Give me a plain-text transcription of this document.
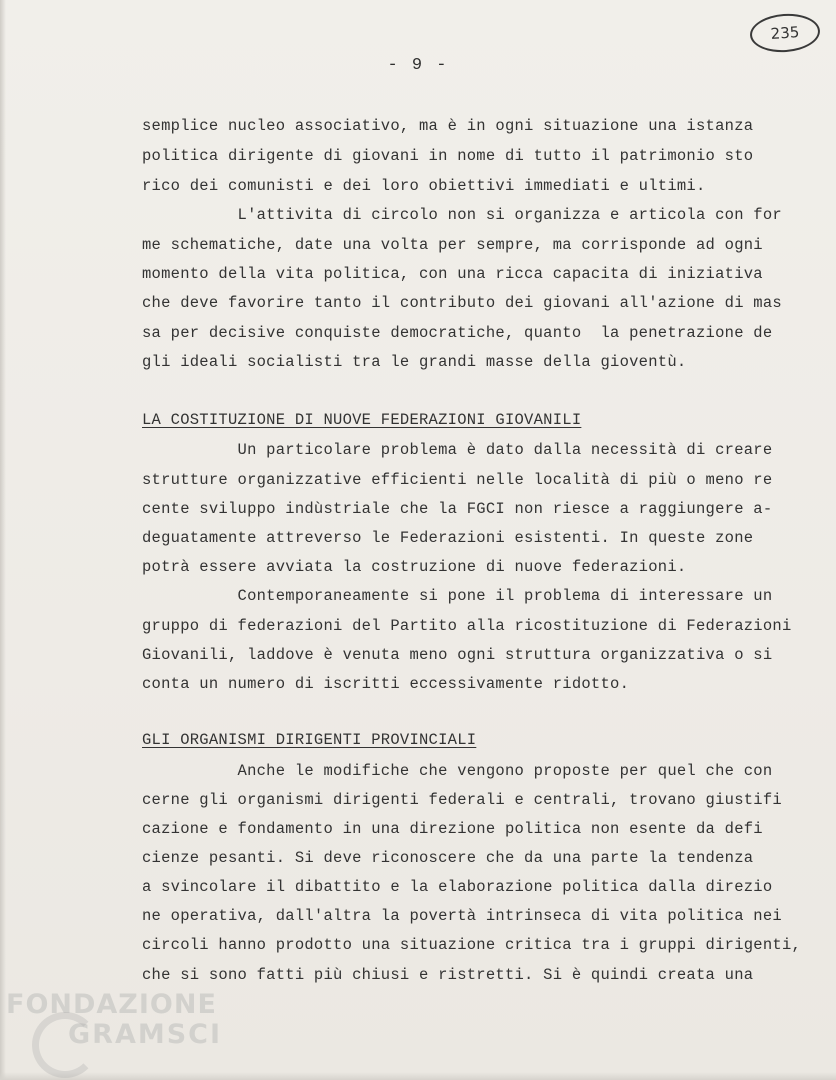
235
- 9 -
semplice nucleo associativo, ma è in ogni situazione una istanza
politica dirigente di giovani in nome di tutto il patrimonio sto
rico dei comunisti e dei loro obiettivi immediati e ultimi.
L'attivita di circolo non si organizza e articola con for
me schematiche, date una volta per sempre, ma corrisponde ad ogni
momento della vita politica, con una ricca capacita di iniziativa
che deve favorire tanto il contributo dei giovani all'azione di mas
sa per decisive conquiste democratiche, quanto  la penetrazione de
gli ideali socialisti tra le grandi masse della gioventù.
LA COSTITUZIONE DI NUOVE FEDERAZIONI GIOVANILI
Un particolare problema è dato dalla necessità di creare
strutture organizzative efficienti nelle località di più o meno re
cente sviluppo indùstriale che la FGCI non riesce a raggiungere a-
deguatamente attreverso le Federazioni esistenti. In queste zone
potrà essere avviata la costruzione di nuove federazioni.
Contemporaneamente si pone il problema di interessare un
gruppo di federazioni del Partito alla ricostituzione di Federazioni
Giovanili, laddove è venuta meno ogni struttura organizzativa o si
conta un numero di iscritti eccessivamente ridotto.
GLI ORGANISMI DIRIGENTI PROVINCIALI
Anche le modifiche che vengono proposte per quel che con
cerne gli organismi dirigenti federali e centrali, trovano giustifi
cazione e fondamento in una direzione politica non esente da defi
cienze pesanti. Si deve riconoscere che da una parte la tendenza
a svincolare il dibattito e la elaborazione politica dalla direzio
ne operativa, dall'altra la povertà intrinseca di vita politica nei
circoli hanno prodotto una situazione critica tra i gruppi dirigenti,
che si sono fatti più chiusi e ristretti. Si è quindi creata una
FONDAZIONE
GRAMSCI
